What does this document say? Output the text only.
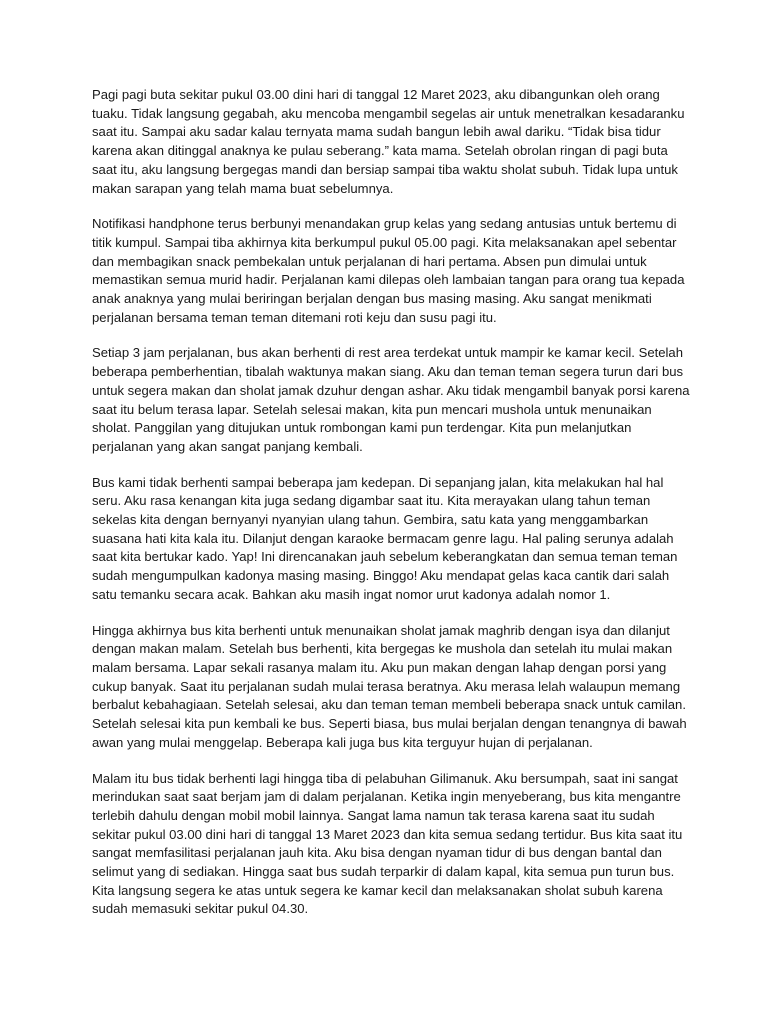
Pagi pagi buta sekitar pukul 03.00 dini hari di tanggal 12 Maret 2023, aku dibangunkan oleh orang tuaku. Tidak langsung gegabah, aku mencoba mengambil segelas air untuk menetralkan kesadaranku saat itu. Sampai aku sadar kalau ternyata mama sudah bangun lebih awal dariku. “Tidak bisa tidur karena akan ditinggal anaknya ke pulau seberang.” kata mama. Setelah obrolan ringan di pagi buta saat itu, aku langsung bergegas mandi dan bersiap sampai tiba waktu sholat subuh. Tidak lupa untuk makan sarapan yang telah mama buat sebelumnya.

Notifikasi handphone terus berbunyi menandakan grup kelas yang sedang antusias untuk bertemu di titik kumpul. Sampai tiba akhirnya kita berkumpul pukul 05.00 pagi. Kita melaksanakan apel sebentar dan membagikan snack pembekalan untuk perjalanan di hari pertama. Absen pun dimulai untuk memastikan semua murid hadir. Perjalanan kami dilepas oleh lambaian tangan para orang tua kepada anak anaknya yang mulai beriringan berjalan dengan bus masing masing. Aku sangat menikmati perjalanan bersama teman teman ditemani roti keju dan susu pagi itu.

Setiap 3 jam perjalanan, bus akan berhenti di rest area terdekat untuk mampir ke kamar kecil. Setelah beberapa pemberhentian, tibalah waktunya makan siang. Aku dan teman teman segera turun dari bus untuk segera makan dan sholat jamak dzuhur dengan ashar. Aku tidak mengambil banyak porsi karena saat itu belum terasa lapar. Setelah selesai makan, kita pun mencari mushola untuk menunaikan sholat. Panggilan yang ditujukan untuk rombongan kami pun terdengar. Kita pun melanjutkan perjalanan yang akan sangat panjang kembali.

Bus kami tidak berhenti sampai beberapa jam kedepan. Di sepanjang jalan, kita melakukan hal hal seru. Aku rasa kenangan kita juga sedang digambar saat itu. Kita merayakan ulang tahun teman sekelas kita dengan bernyanyi nyanyian ulang tahun. Gembira, satu kata yang menggambarkan suasana hati kita kala itu. Dilanjut dengan karaoke bermacam genre lagu. Hal paling serunya adalah saat kita bertukar kado. Yap! Ini direncanakan jauh sebelum keberangkatan dan semua teman teman sudah mengumpulkan kadonya masing masing. Binggo! Aku mendapat gelas kaca cantik dari salah satu temanku secara acak. Bahkan aku masih ingat nomor urut kadonya adalah nomor 1.

Hingga akhirnya bus kita berhenti untuk menunaikan sholat jamak maghrib dengan isya dan dilanjut dengan makan malam. Setelah bus berhenti, kita bergegas ke mushola dan setelah itu mulai makan malam bersama. Lapar sekali rasanya malam itu. Aku pun makan dengan lahap dengan porsi yang cukup banyak. Saat itu perjalanan sudah mulai terasa beratnya. Aku merasa lelah walaupun memang berbalut kebahagiaan. Setelah selesai, aku dan teman teman membeli beberapa snack untuk camilan. Setelah selesai kita pun kembali ke bus. Seperti biasa, bus mulai berjalan dengan tenangnya di bawah awan yang mulai menggelap. Beberapa kali juga bus kita terguyur hujan di perjalanan.

Malam itu bus tidak berhenti lagi hingga tiba di pelabuhan Gilimanuk. Aku bersumpah, saat ini sangat merindukan saat saat berjam jam di dalam perjalanan. Ketika ingin menyeberang, bus kita mengantre terlebih dahulu dengan mobil mobil lainnya. Sangat lama namun tak terasa karena saat itu sudah sekitar pukul 03.00 dini hari di tanggal 13 Maret 2023 dan kita semua sedang tertidur. Bus kita saat itu sangat memfasilitasi perjalanan jauh kita. Aku bisa dengan nyaman tidur di bus dengan bantal dan selimut yang di sediakan. Hingga saat bus sudah terparkir di dalam kapal, kita semua pun turun bus. Kita langsung segera ke atas untuk segera ke kamar kecil dan melaksanakan sholat subuh karena sudah memasuki sekitar pukul 04.30.
